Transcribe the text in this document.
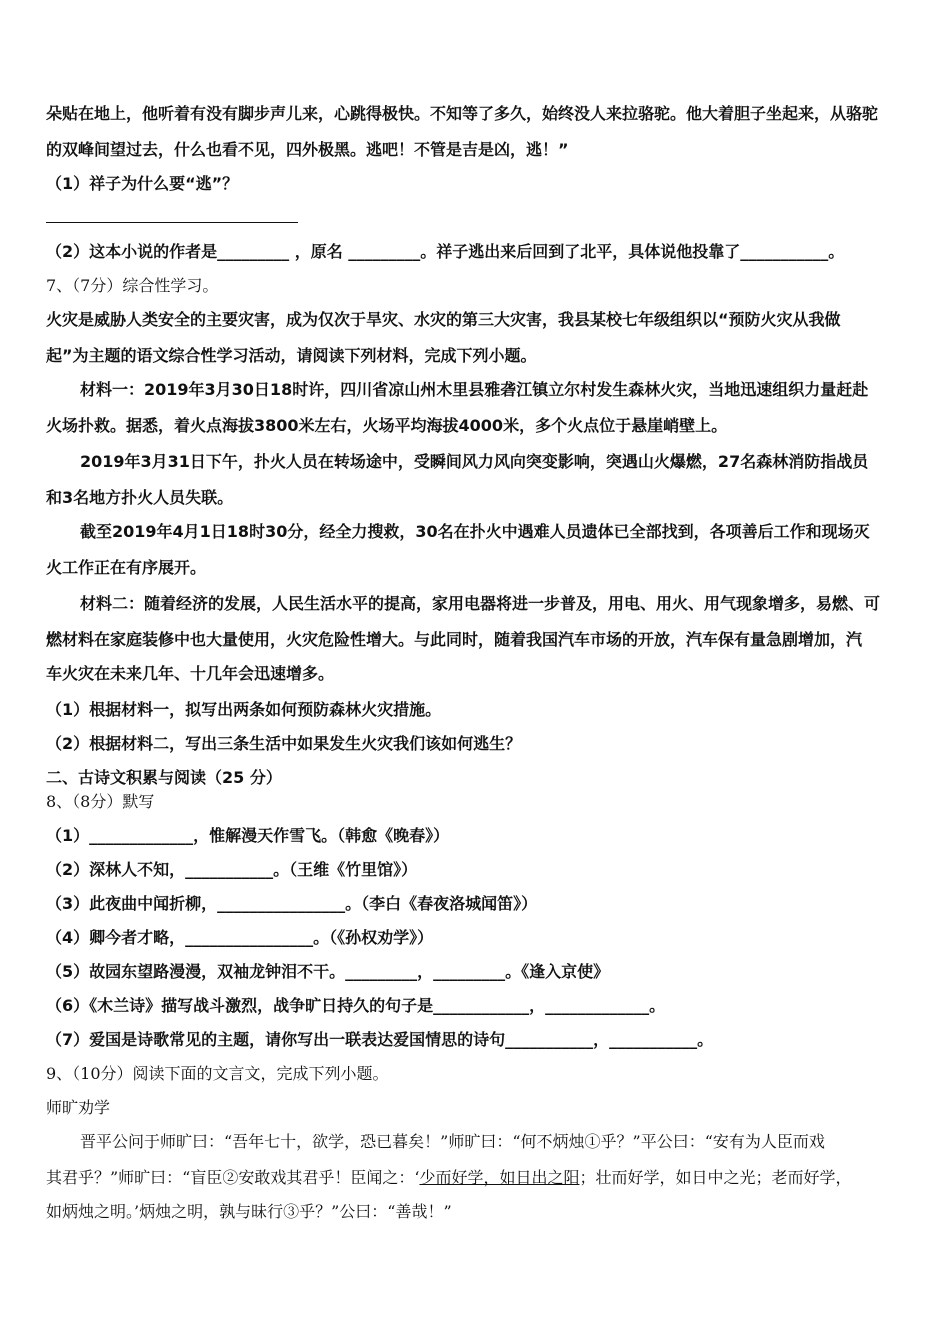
朵贴在地上，他听着有没有脚步声儿来，心跳得极快。不知等了多久，始终没人来拉骆驼。他大着胆子坐起来，从骆驼
的双峰间望过去，什么也看不见，四外极黑。逃吧！不管是吉是凶，逃！”
（1）祥子为什么要“逃”？
（2）这本小说的作者是_________ ，原名 _________。祥子逃出来后回到了北平，具体说他投靠了___________。
7、（7分）综合性学习。
火灾是威胁人类安全的主要灾害，成为仅次于旱灾、水灾的第三大灾害，我县某校七年级组织以“预防火灾从我做
起”为主题的语文综合性学习活动，请阅读下列材料，完成下列小题。
材料一：2019年3月30日18时许，四川省凉山州木里县雅砻江镇立尔村发生森林火灾，当地迅速组织力量赶赴
火场扑救。据悉，着火点海拔3800米左右，火场平均海拔4000米，多个火点位于悬崖峭壁上。
2019年3月31日下午，扑火人员在转场途中，受瞬间风力风向突变影响，突遇山火爆燃，27名森林消防指战员
和3名地方扑火人员失联。
截至2019年4月1日18时30分，经全力搜救，30名在扑火中遇难人员遗体已全部找到，各项善后工作和现场灭
火工作正在有序展开。
材料二：随着经济的发展，人民生活水平的提高，家用电器将进一步普及，用电、用火、用气现象增多，易燃、可
燃材料在家庭装修中也大量使用，火灾危险性增大。与此同时，随着我国汽车市场的开放，汽车保有量急剧增加，汽
车火灾在未来几年、十几年会迅速增多。
（1）根据材料一，拟写出两条如何预防森林火灾措施。
（2）根据材料二，写出三条生活中如果发生火灾我们该如何逃生？
二、古诗文积累与阅读（25 分）
8、（8分）默写
（1）_____________，惟解漫天作雪飞。（韩愈《晚春》）
（2）深林人不知，___________。（王维《竹里馆》）
（3）此夜曲中闻折柳，________________。（李白《春夜洛城闻笛》）
（4）卿今者才略，________________。（《孙权劝学》）
（5）故园东望路漫漫，双袖龙钟泪不干。_________，_________。《逢入京使》
（6）《木兰诗》描写战斗激烈，战争旷日持久的句子是____________，_____________。
（7）爱国是诗歌常见的主题，请你写出一联表达爱国情思的诗句___________，___________。
9、（10分）阅读下面的文言文，完成下列小题。
师旷劝学
晋平公问于师旷曰：“吾年七十，欲学，恐已暮矣！”师旷曰：“何不炳烛①乎？”平公曰：“安有为人臣而戏
其君乎？”师旷曰：“盲臣②安敢戏其君乎！臣闻之：‘少而好学，如日出之阳；壮而好学，如日中之光；老而好学，
如炳烛之明。’炳烛之明，孰与昧行③乎？”公曰：“善哉！”
